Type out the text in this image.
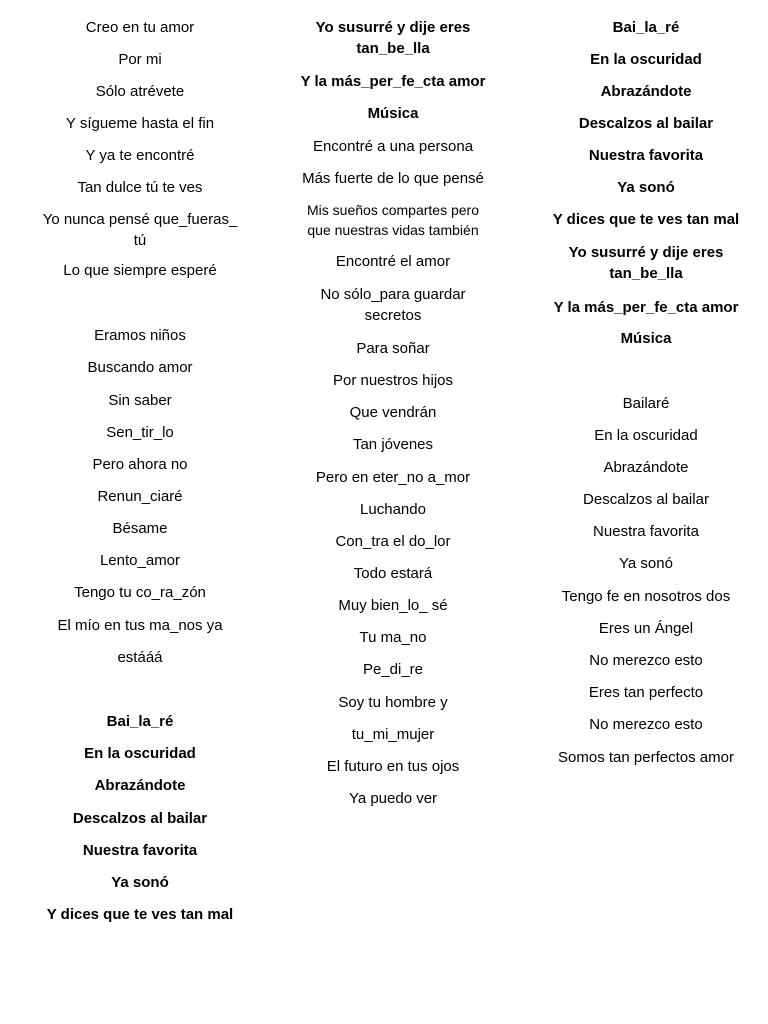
Creo en tu amor
Por mi
Sólo atrévete
Y sígueme hasta el fin
Y ya te encontré
Tan dulce tú te ves
Yo nunca pensé que_fueras_
tú
Lo que siempre esperé
Eramos niños
Buscando amor
Sin saber
Sen_tir_lo
Pero ahora no
Renun_ciaré
Bésame
Lento_amor
Tengo tu co_ra_zón
El mío en tus ma_nos ya
estááá
Bai_la_ré
En la oscuridad
Abrazándote
Descalzos al bailar
Nuestra favorita
Ya sonó
Y dices que te ves tan mal
Yo susurré y dije eres
tan_be_lla
Y la más_per_fe_cta amor
Música
Encontré a una persona
Más fuerte de lo que pensé
Mis sueños compartes pero
que nuestras vidas también
Encontré el amor
No sólo_para guardar
secretos
Para soñar
Por nuestros hijos
Que vendrán
Tan jóvenes
Pero en eter_no a_mor
Luchando
Con_tra el do_lor
Todo estará
Muy bien_lo_ sé
Tu ma_no
Pe_di_re
Soy tu hombre y
tu_mi_mujer
El futuro en tus ojos
Ya puedo ver
Bai_la_ré
En la oscuridad
Abrazándote
Descalzos al bailar
Nuestra favorita
Ya sonó
Y dices que te ves tan mal
Yo susurré y dije eres
tan_be_lla
Y la más_per_fe_cta amor
Música
Bailaré
En la oscuridad
Abrazándote
Descalzos al bailar
Nuestra favorita
Ya sonó
Tengo fe en nosotros dos
Eres un Ángel
No merezco esto
Eres tan perfecto
No merezco esto
Somos tan perfectos amor
